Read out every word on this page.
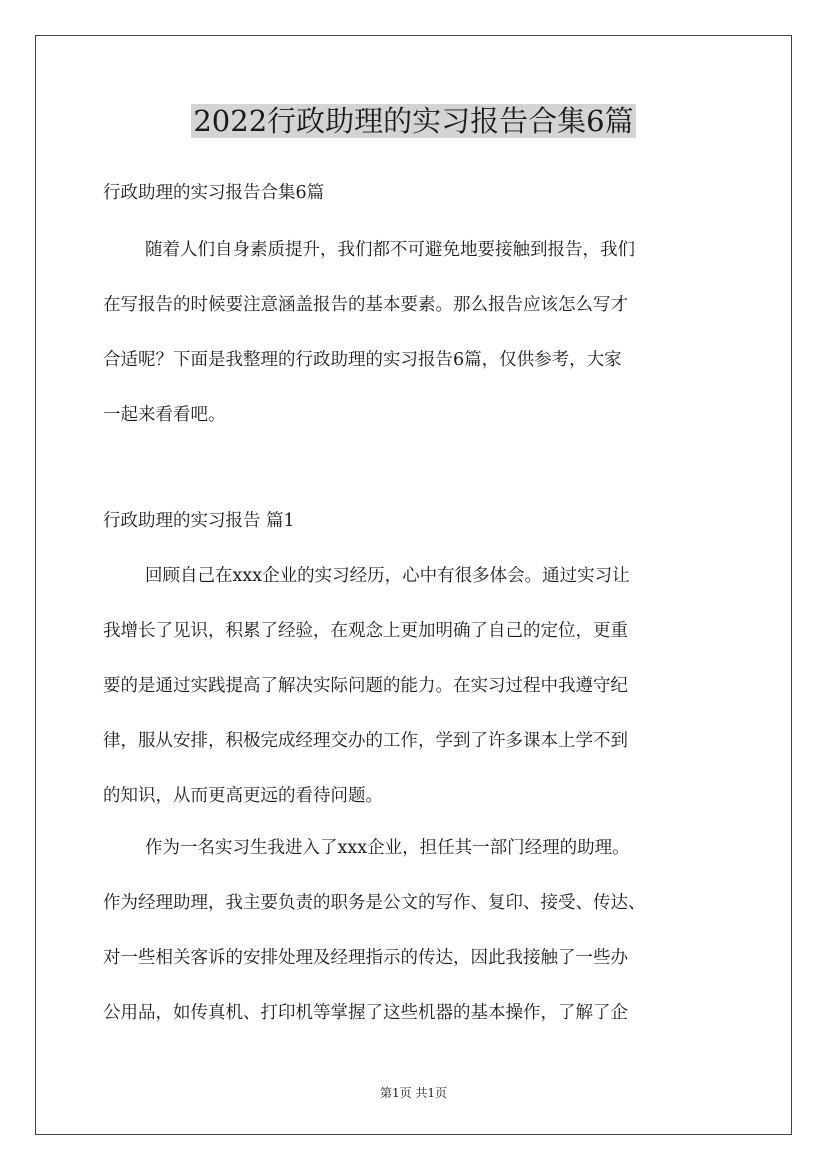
2022行政助理的实习报告合集6篇
行政助理的实习报告合集6篇
随着人们自身素质提升，我们都不可避免地要接触到报告，我们
在写报告的时候要注意涵盖报告的基本要素。那么报告应该怎么写才
合适呢？下面是我整理的行政助理的实习报告6篇，仅供参考，大家
一起来看看吧。
行政助理的实习报告 篇1
回顾自己在xxx企业的实习经历，心中有很多体会。通过实习让
我增长了见识，积累了经验，在观念上更加明确了自己的定位，更重
要的是通过实践提高了解决实际问题的能力。在实习过程中我遵守纪
律，服从安排，积极完成经理交办的工作，学到了许多课本上学不到
的知识，从而更高更远的看待问题。
作为一名实习生我进入了xxx企业，担任其一部门经理的助理。
作为经理助理，我主要负责的职务是公文的写作、复印、接受、传达、
对一些相关客诉的安排处理及经理指示的传达，因此我接触了一些办
公用品，如传真机、打印机等掌握了这些机器的基本操作，了解了企
第1页 共1页
